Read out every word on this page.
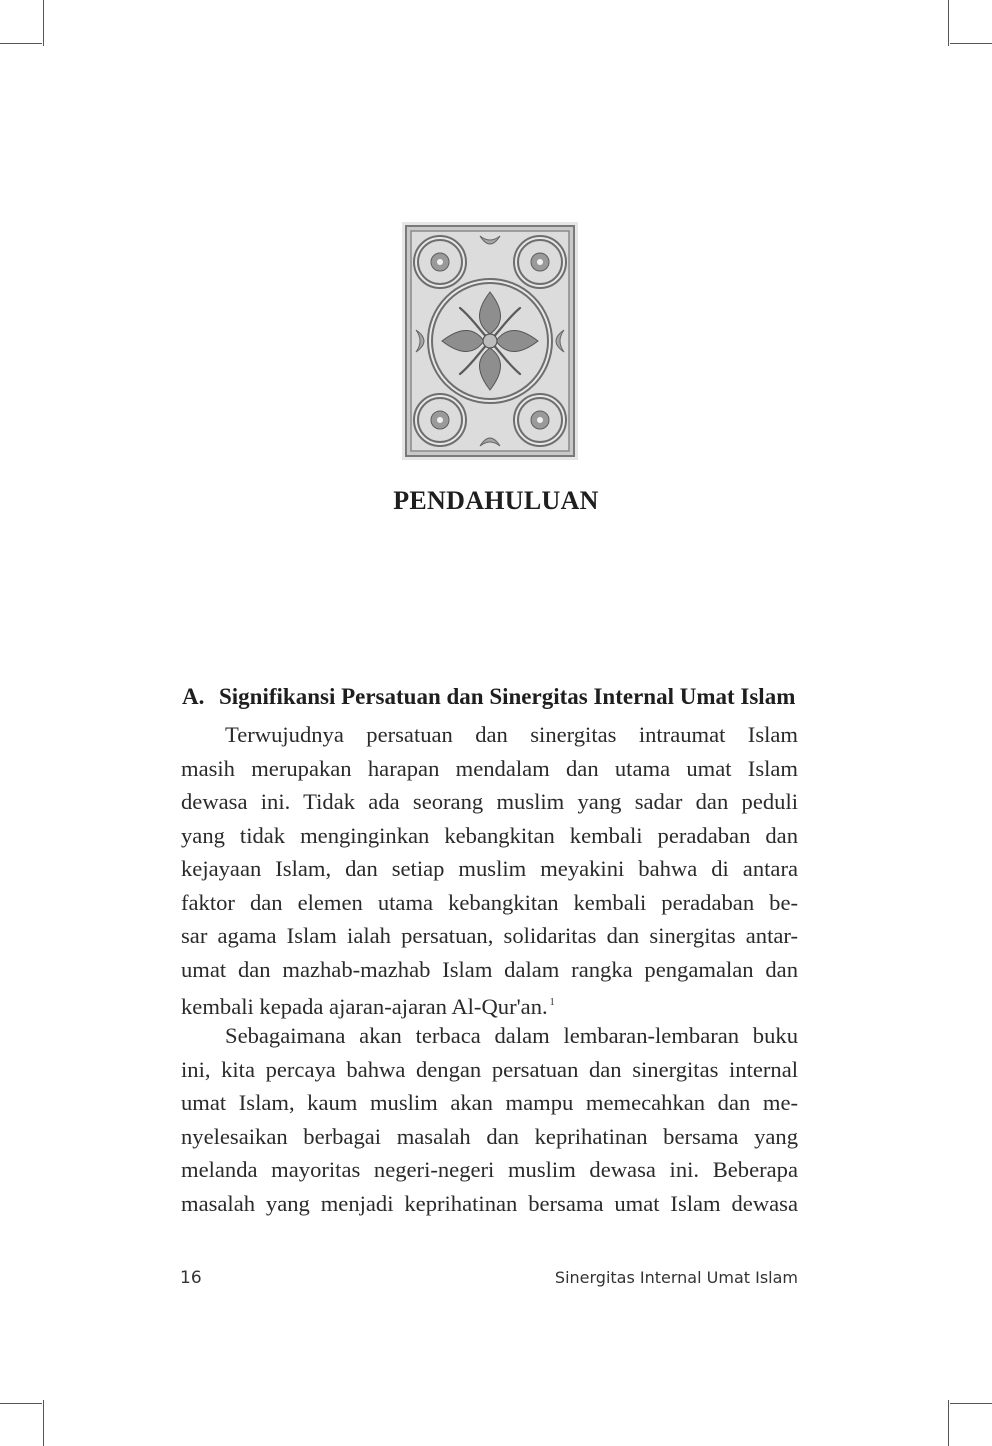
PENDAHULUAN
A. Signifikansi Persatuan dan Sinergitas Internal Umat Islam
Terwujudnya persatuan dan sinergitas intraumat Islam
masih merupakan harapan mendalam dan utama umat Islam
dewasa ini. Tidak ada seorang muslim yang sadar dan peduli
yang tidak menginginkan kebangkitan kembali peradaban dan
kejayaan Islam, dan setiap muslim meyakini bahwa di antara
faktor dan elemen utama kebangkitan kembali peradaban be-
sar agama Islam ialah persatuan, solidaritas dan sinergitas antar-
umat dan mazhab-mazhab Islam dalam rangka pengamalan dan
kembali kepada ajaran-ajaran Al-Qur'an. $^1$
Sebagaimana akan terbaca dalam lembaran-lembaran buku
ini, kita percaya bahwa dengan persatuan dan sinergitas internal
umat Islam, kaum muslim akan mampu memecahkan dan me-
nyelesaikan berbagai masalah dan keprihatinan bersama yang
melanda mayoritas negeri-negeri muslim dewasa ini. Beberapa
masalah yang menjadi keprihatinan bersama umat Islam dewasa
16	Sinergitas Internal Umat Islam
